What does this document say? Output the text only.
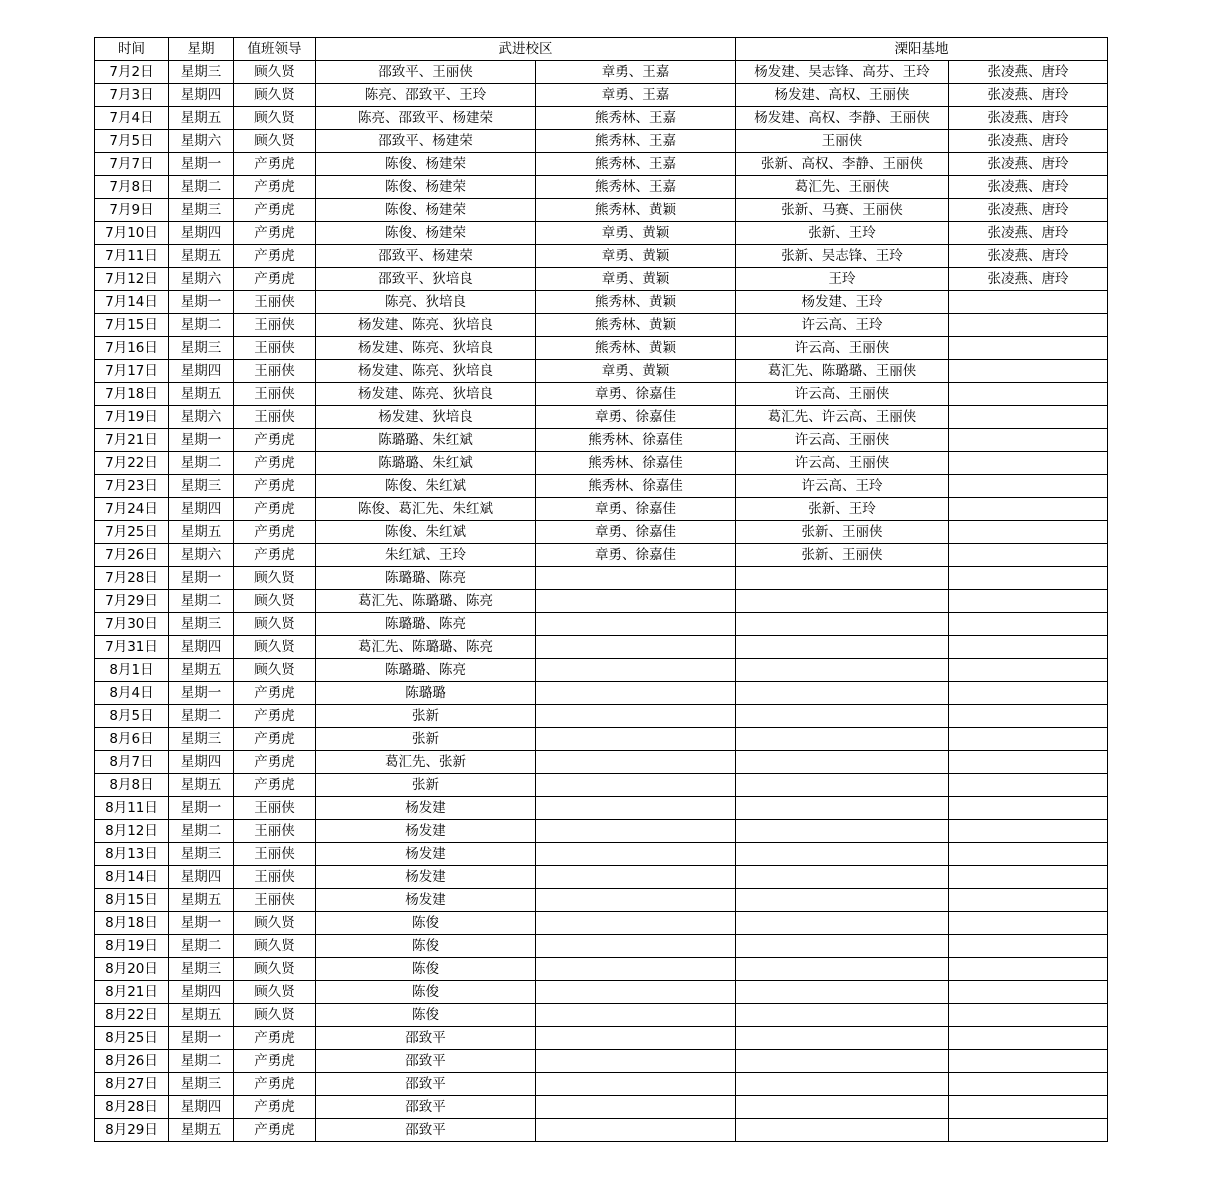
时间	星期	值班领导	武进校区		溧阳基地	
7月2日	星期三	顾久贤	邵致平、王丽侠	章勇、王嘉	杨发建、吴志锋、高芬、王玲	张凌燕、唐玲
7月3日	星期四	顾久贤	陈亮、邵致平、王玲	章勇、王嘉	杨发建、高权、王丽侠	张凌燕、唐玲
7月4日	星期五	顾久贤	陈亮、邵致平、杨建荣	熊秀林、王嘉	杨发建、高权、李静、王丽侠	张凌燕、唐玲
7月5日	星期六	顾久贤	邵致平、杨建荣	熊秀林、王嘉	王丽侠	张凌燕、唐玲
7月7日	星期一	产勇虎	陈俊、杨建荣	熊秀林、王嘉	张新、高权、李静、王丽侠	张凌燕、唐玲
7月8日	星期二	产勇虎	陈俊、杨建荣	熊秀林、王嘉	葛汇先、王丽侠	张凌燕、唐玲
7月9日	星期三	产勇虎	陈俊、杨建荣	熊秀林、黄颖	张新、马赛、王丽侠	张凌燕、唐玲
7月10日	星期四	产勇虎	陈俊、杨建荣	章勇、黄颖	张新、王玲	张凌燕、唐玲
7月11日	星期五	产勇虎	邵致平、杨建荣	章勇、黄颖	张新、吴志锋、王玲	张凌燕、唐玲
7月12日	星期六	产勇虎	邵致平、狄培良	章勇、黄颖	王玲	张凌燕、唐玲
7月14日	星期一	王丽侠	陈亮、狄培良	熊秀林、黄颖	杨发建、王玲	
7月15日	星期二	王丽侠	杨发建、陈亮、狄培良	熊秀林、黄颖	许云高、王玲	
7月16日	星期三	王丽侠	杨发建、陈亮、狄培良	熊秀林、黄颖	许云高、王丽侠	
7月17日	星期四	王丽侠	杨发建、陈亮、狄培良	章勇、黄颖	葛汇先、陈璐璐、王丽侠	
7月18日	星期五	王丽侠	杨发建、陈亮、狄培良	章勇、徐嘉佳	许云高、王丽侠	
7月19日	星期六	王丽侠	杨发建、狄培良	章勇、徐嘉佳	葛汇先、许云高、王丽侠	
7月21日	星期一	产勇虎	陈璐璐、朱红斌	熊秀林、徐嘉佳	许云高、王丽侠	
7月22日	星期二	产勇虎	陈璐璐、朱红斌	熊秀林、徐嘉佳	许云高、王丽侠	
7月23日	星期三	产勇虎	陈俊、朱红斌	熊秀林、徐嘉佳	许云高、王玲	
7月24日	星期四	产勇虎	陈俊、葛汇先、朱红斌	章勇、徐嘉佳	张新、王玲	
7月25日	星期五	产勇虎	陈俊、朱红斌	章勇、徐嘉佳	张新、王丽侠	
7月26日	星期六	产勇虎	朱红斌、王玲	章勇、徐嘉佳	张新、王丽侠	
7月28日	星期一	顾久贤	陈璐璐、陈亮			
7月29日	星期二	顾久贤	葛汇先、陈璐璐、陈亮			
7月30日	星期三	顾久贤	陈璐璐、陈亮			
7月31日	星期四	顾久贤	葛汇先、陈璐璐、陈亮			
8月1日	星期五	顾久贤	陈璐璐、陈亮			
8月4日	星期一	产勇虎	陈璐璐			
8月5日	星期二	产勇虎	张新			
8月6日	星期三	产勇虎	张新			
8月7日	星期四	产勇虎	葛汇先、张新			
8月8日	星期五	产勇虎	张新			
8月11日	星期一	王丽侠	杨发建			
8月12日	星期二	王丽侠	杨发建			
8月13日	星期三	王丽侠	杨发建			
8月14日	星期四	王丽侠	杨发建			
8月15日	星期五	王丽侠	杨发建			
8月18日	星期一	顾久贤	陈俊			
8月19日	星期二	顾久贤	陈俊			
8月20日	星期三	顾久贤	陈俊			
8月21日	星期四	顾久贤	陈俊			
8月22日	星期五	顾久贤	陈俊			
8月25日	星期一	产勇虎	邵致平			
8月26日	星期二	产勇虎	邵致平			
8月27日	星期三	产勇虎	邵致平			
8月28日	星期四	产勇虎	邵致平			
8月29日	星期五	产勇虎	邵致平			
